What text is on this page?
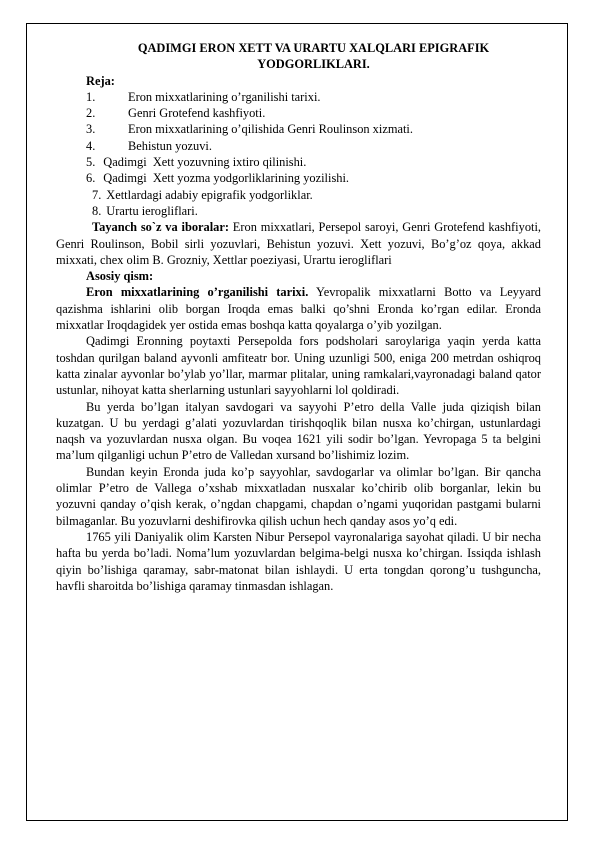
QADIMGI ERON XETT VA URARTU XALQLARI EPIGRAFIK YODGORLIKLARI.
Reja:
1.	Eron mixxatlarining o’rganilishi tarixi.
2.	Genri Grotefend kashfiyoti.
3.	Eron mixxatlarining o’qilishida Genri Roulinson xizmati.
4.	Behistun yozuvi.
5. Qadimgi  Xett yozuvning ixtiro qilinishi.
6. Qadimgi  Xett yozma yodgorliklarining yozilishi.
7. Xettlardagi adabiy epigrafik yodgorliklar.
8. Urartu ierogliflari.

Tayanch so`z va iboralar: Eron mixxatlari, Persepol saroyi, Genri Grotefend kashfiyoti, Genri Roulinson, Bobil sirli yozuvlari, Behistun yozuvi. Xett yozuvi, Bo’g’oz qoya, akkad mixxati, chex olim B. Grozniy, Xettlar poeziyasi, Urartu ierogliflari

Asosiy qism:

Eron mixxatlarining o’rganilishi tarixi. Yevropalik mixxatlarni Botto va Leyyard qazishma ishlarini olib borgan Iroqda emas balki qo’shni Eronda ko’rgan edilar. Eronda mixxatlar Iroqdagidek yer ostida emas boshqa katta qoyalarga o’yib yozilgan.

Qadimgi Eronning poytaxti Persepolda fors podsholari saroylariga yaqin yerda katta toshdan qurilgan baland ayvonli amfiteatr bor. Uning uzunligi 500, eniga 200 metrdan oshiqroq katta zinalar ayvonlar bo’ylab yo’llar, marmar plitalar, uning ramkalari,vayronadagi baland qator ustunlar, nihoyat katta sherlarning ustunlari sayyohlarni lol qoldiradi.

Bu yerda bo’lgan italyan savdogari va sayyohi P’etro della Valle juda qiziqish bilan kuzatgan. U bu yerdagi g’alati yozuvlardan tirishqoqlik bilan nusxa ko’chirgan, ustunlardagi naqsh va yozuvlardan nusxa olgan. Bu voqea 1621 yili sodir bo’lgan. Yevropaga 5 ta belgini ma’lum qilganligi uchun P’etro de Valledan xursand bo’lishimiz lozim.

Bundan keyin Eronda juda ko’p sayyohlar, savdogarlar va olimlar bo’lgan. Bir qancha olimlar P’etro de Vallega o’xshab mixxatladan nusxalar ko’chirib olib borganlar, lekin bu yozuvni qanday o’qish kerak, o’ngdan chapgami, chapdan o’ngami yuqoridan pastgami bularni bilmaganlar. Bu yozuvlarni deshifirovka qilish uchun hech qanday asos yo’q edi.

1765 yili Daniyalik olim Karsten Nibur Persepol vayronalariga sayohat qiladi. U bir necha hafta bu yerda bo’ladi. Noma’lum yozuvlardan belgima-belgi nusxa ko’chirgan. Issiqda ishlash qiyin bo’lishiga qaramay, sabr-matonat bilan ishlaydi. U erta tongdan qorong’u tushguncha, havfli sharoitda bo’lishiga qaramay tinmasdan ishlagan.
